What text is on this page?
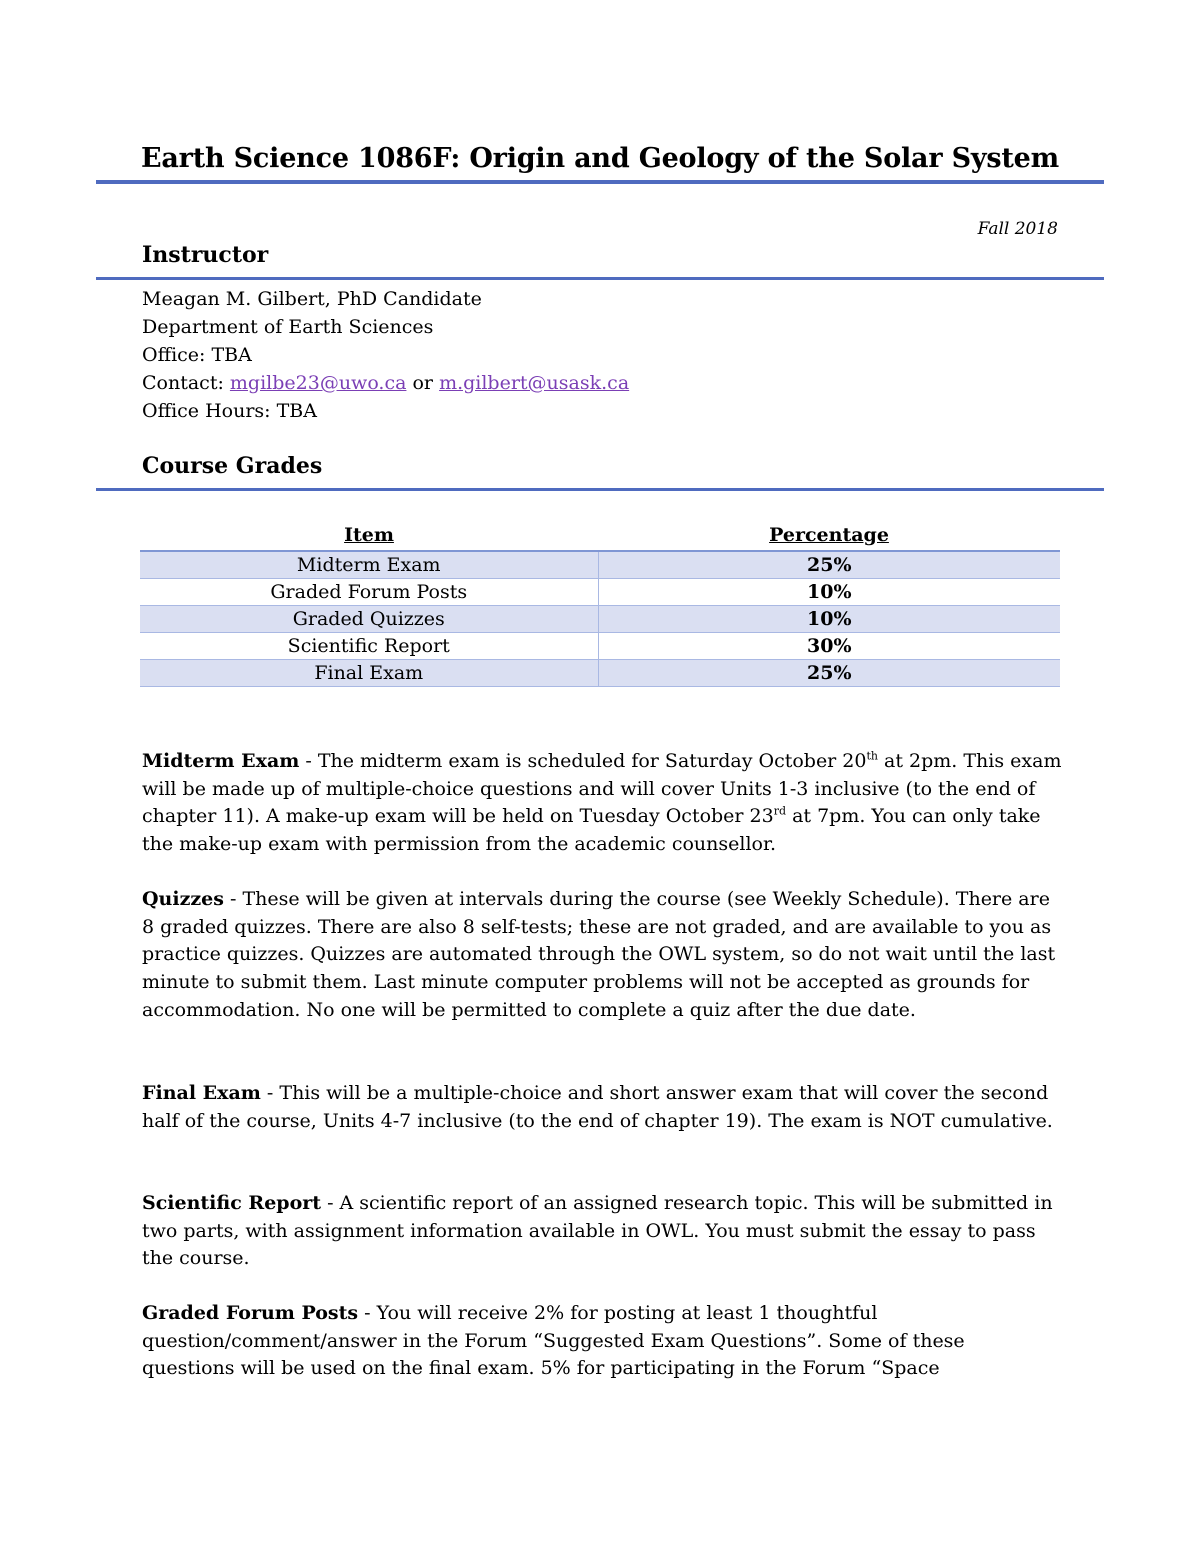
Earth Science 1086F: Origin and Geology of the Solar System
Fall 2018
Instructor
Meagan M. Gilbert, PhD Candidate
Department of Earth Sciences
Office: TBA
Contact: mgilbe23@uwo.ca or m.gilbert@usask.ca
Office Hours: TBA
Course Grades
Item	Percentage
Midterm Exam	25%
Graded Forum Posts	10%
Graded Quizzes	10%
Scientific Report	30%
Final Exam	25%
Midterm Exam - The midterm exam is scheduled for Saturday October 20th at 2pm. This exam will be made up of multiple-choice questions and will cover Units 1-3 inclusive (to the end of chapter 11). A make-up exam will be held on Tuesday October 23rd at 7pm. You can only take the make-up exam with permission from the academic counsellor.
Quizzes - These will be given at intervals during the course (see Weekly Schedule). There are 8 graded quizzes. There are also 8 self-tests; these are not graded, and are available to you as practice quizzes. Quizzes are automated through the OWL system, so do not wait until the last minute to submit them. Last minute computer problems will not be accepted as grounds for accommodation. No one will be permitted to complete a quiz after the due date.
Final Exam - This will be a multiple-choice and short answer exam that will cover the second half of the course, Units 4-7 inclusive (to the end of chapter 19). The exam is NOT cumulative.
Scientific Report - A scientific report of an assigned research topic. This will be submitted in two parts, with assignment information available in OWL. You must submit the essay to pass the course.
Graded Forum Posts - You will receive 2% for posting at least 1 thoughtful question/comment/answer in the Forum “Suggested Exam Questions”. Some of these questions will be used on the final exam. 5% for participating in the Forum “Space
